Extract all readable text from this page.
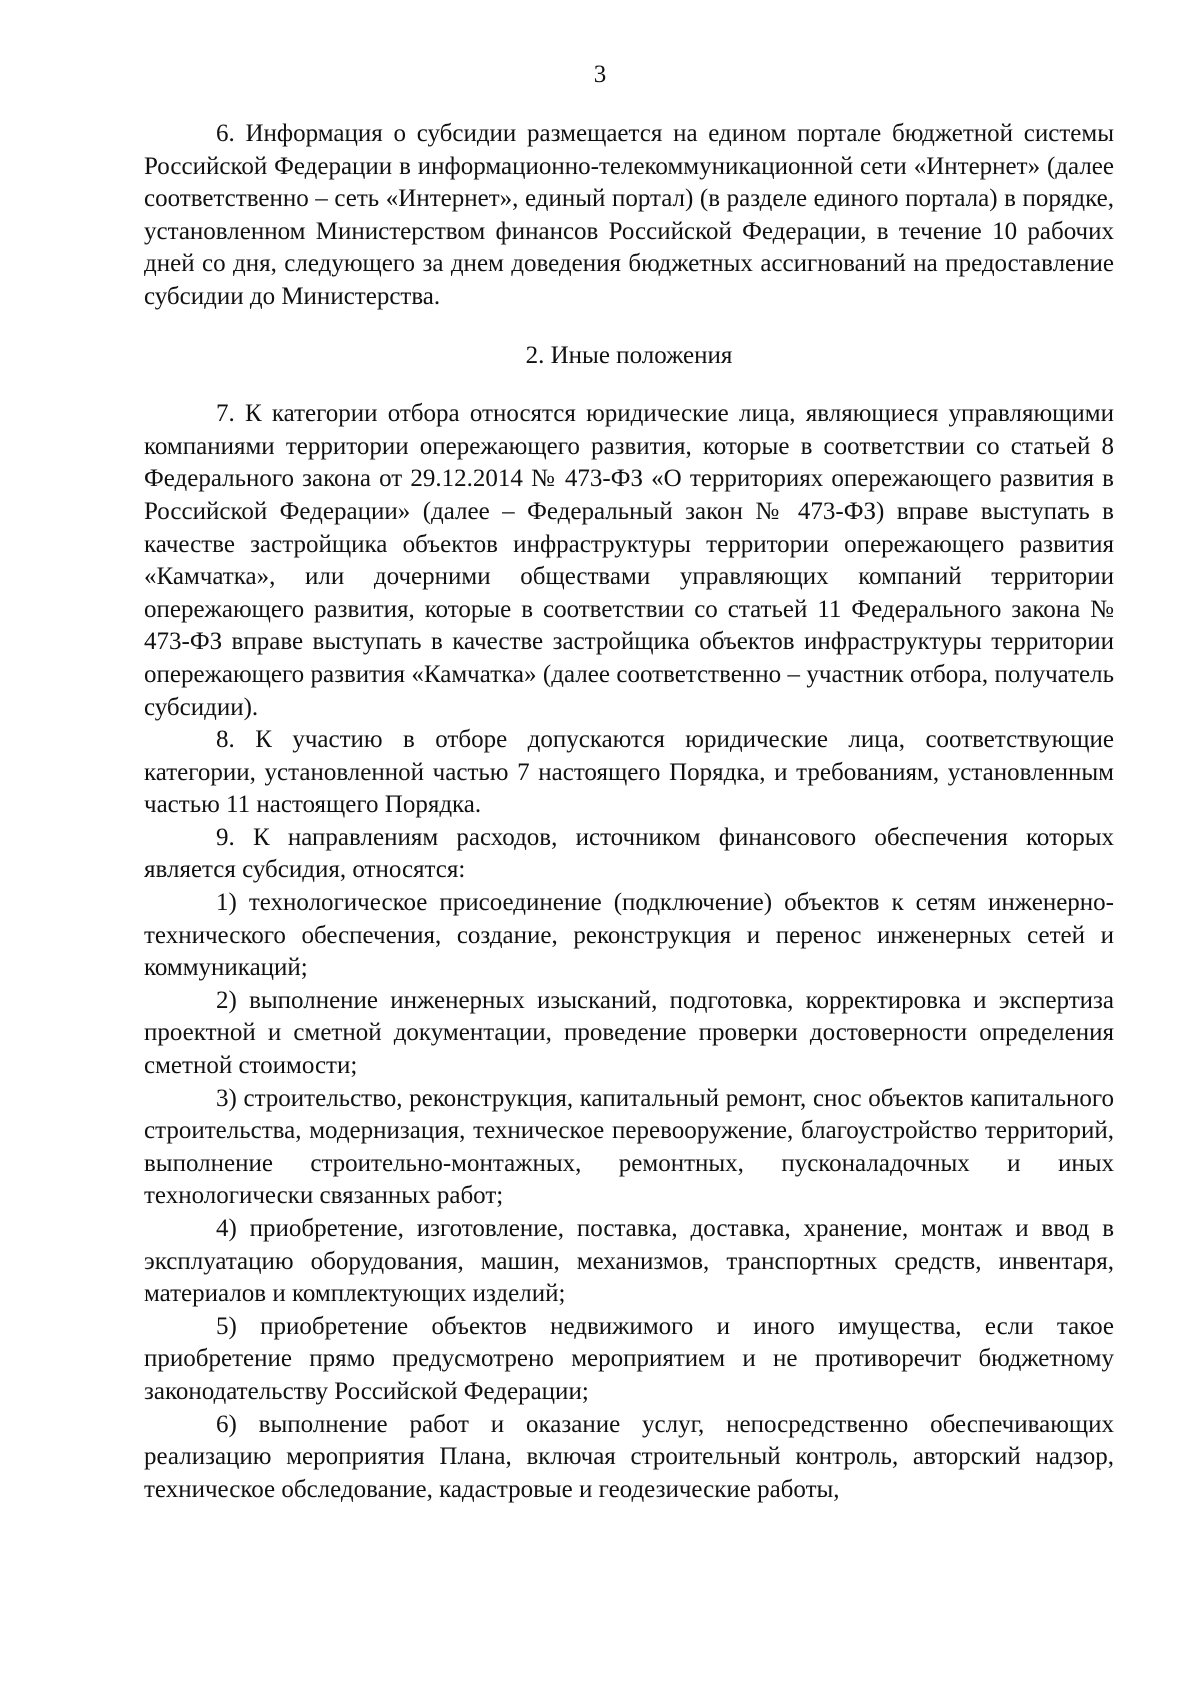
3

6. Информация о субсидии размещается на едином портале бюджетной системы Российской Федерации в информационно-телекоммуникационной сети «Интернет» (далее соответственно – сеть «Интернет», единый портал) (в разделе единого портала) в порядке, установленном Министерством финансов Российской Федерации, в течение 10 рабочих дней со дня, следующего за днем доведения бюджетных ассигнований на предоставление субсидии до Министерства.

2. Иные положения

7. К категории отбора относятся юридические лица, являющиеся управляющими компаниями территории опережающего развития, которые в соответствии со статьей 8 Федерального закона от 29.12.2014 № 473-ФЗ «О территориях опережающего развития в Российской Федерации» (далее – Федеральный закон № 473-ФЗ) вправе выступать в качестве застройщика объектов инфраструктуры территории опережающего развития «Камчатка», или дочерними обществами управляющих компаний территории опережающего развития, которые в соответствии со статьей 11 Федерального закона № 473-ФЗ вправе выступать в качестве застройщика объектов инфраструктуры территории опережающего развития «Камчатка» (далее соответственно – участник отбора, получатель субсидии).

8. К участию в отборе допускаются юридические лица, соответствующие категории, установленной частью 7 настоящего Порядка, и требованиям, установленным частью 11 настоящего Порядка.

9. К направлениям расходов, источником финансового обеспечения которых является субсидия, относятся:

1) технологическое присоединение (подключение) объектов к сетям инженерно-технического обеспечения, создание, реконструкция и перенос инженерных сетей и коммуникаций;

2) выполнение инженерных изысканий, подготовка, корректировка и экспертиза проектной и сметной документации, проведение проверки достоверности определения сметной стоимости;

3) строительство, реконструкция, капитальный ремонт, снос объектов капитального строительства, модернизация, техническое перевооружение, благоустройство территорий, выполнение строительно-монтажных, ремонтных, пусконаладочных и иных технологически связанных работ;

4) приобретение, изготовление, поставка, доставка, хранение, монтаж и ввод в эксплуатацию оборудования, машин, механизмов, транспортных средств, инвентаря, материалов и комплектующих изделий;

5) приобретение объектов недвижимого и иного имущества, если такое приобретение прямо предусмотрено мероприятием и не противоречит бюджетному законодательству Российской Федерации;

6) выполнение работ и оказание услуг, непосредственно обеспечивающих реализацию мероприятия Плана, включая строительный контроль, авторский надзор, техническое обследование, кадастровые и геодезические работы,
